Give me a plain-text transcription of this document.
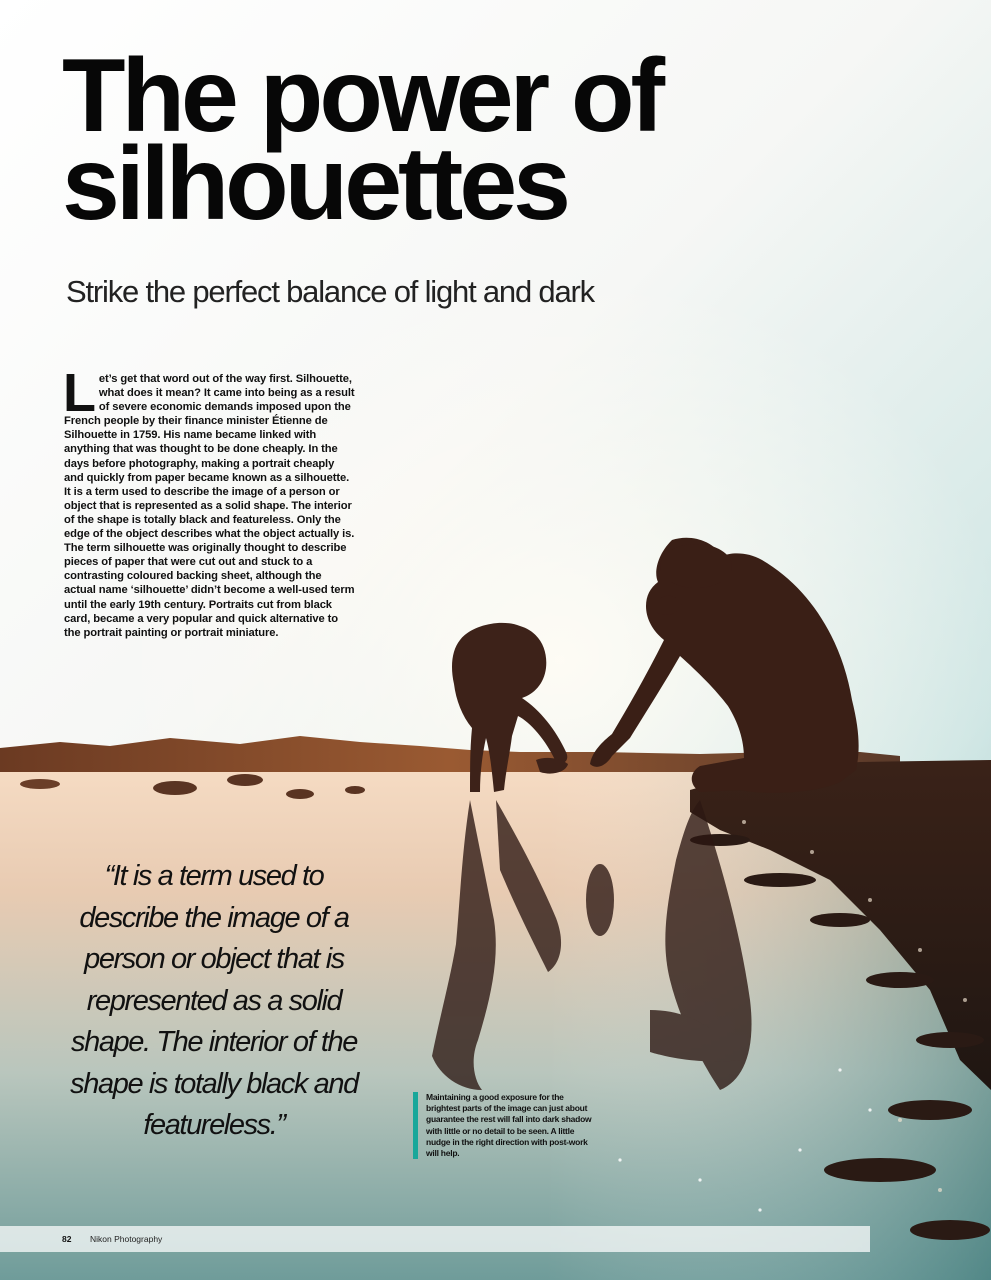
The power of silhouettes
Strike the perfect balance of light and dark

Let’s get that word out of the way first. Silhouette, what does it mean? It came into being as a result of severe economic demands imposed upon the French people by their finance minister Étienne de Silhouette in 1759. His name became linked with anything that was thought to be done cheaply. In the days before photography, making a portrait cheaply and quickly from paper became known as a silhouette. It is a term used to describe the image of a person or object that is represented as a solid shape. The interior of the shape is totally black and featureless. Only the edge of the object describes what the object actually is. The term silhouette was originally thought to describe pieces of paper that were cut out and stuck to a contrasting coloured backing sheet, although the actual name ‘silhouette’ didn’t become a well-used term until the early 19th century. Portraits cut from black card, became a very popular and quick alternative to the portrait painting or portrait miniature.

“It is a term used to describe the image of a person or object that is represented as a solid shape. The interior of the shape is totally black and featureless.”

Maintaining a good exposure for the brightest parts of the image can just about guarantee the rest will fall into dark shadow with little or no detail to be seen. A little nudge in the right direction with post-work will help.

82 Nikon Photography
